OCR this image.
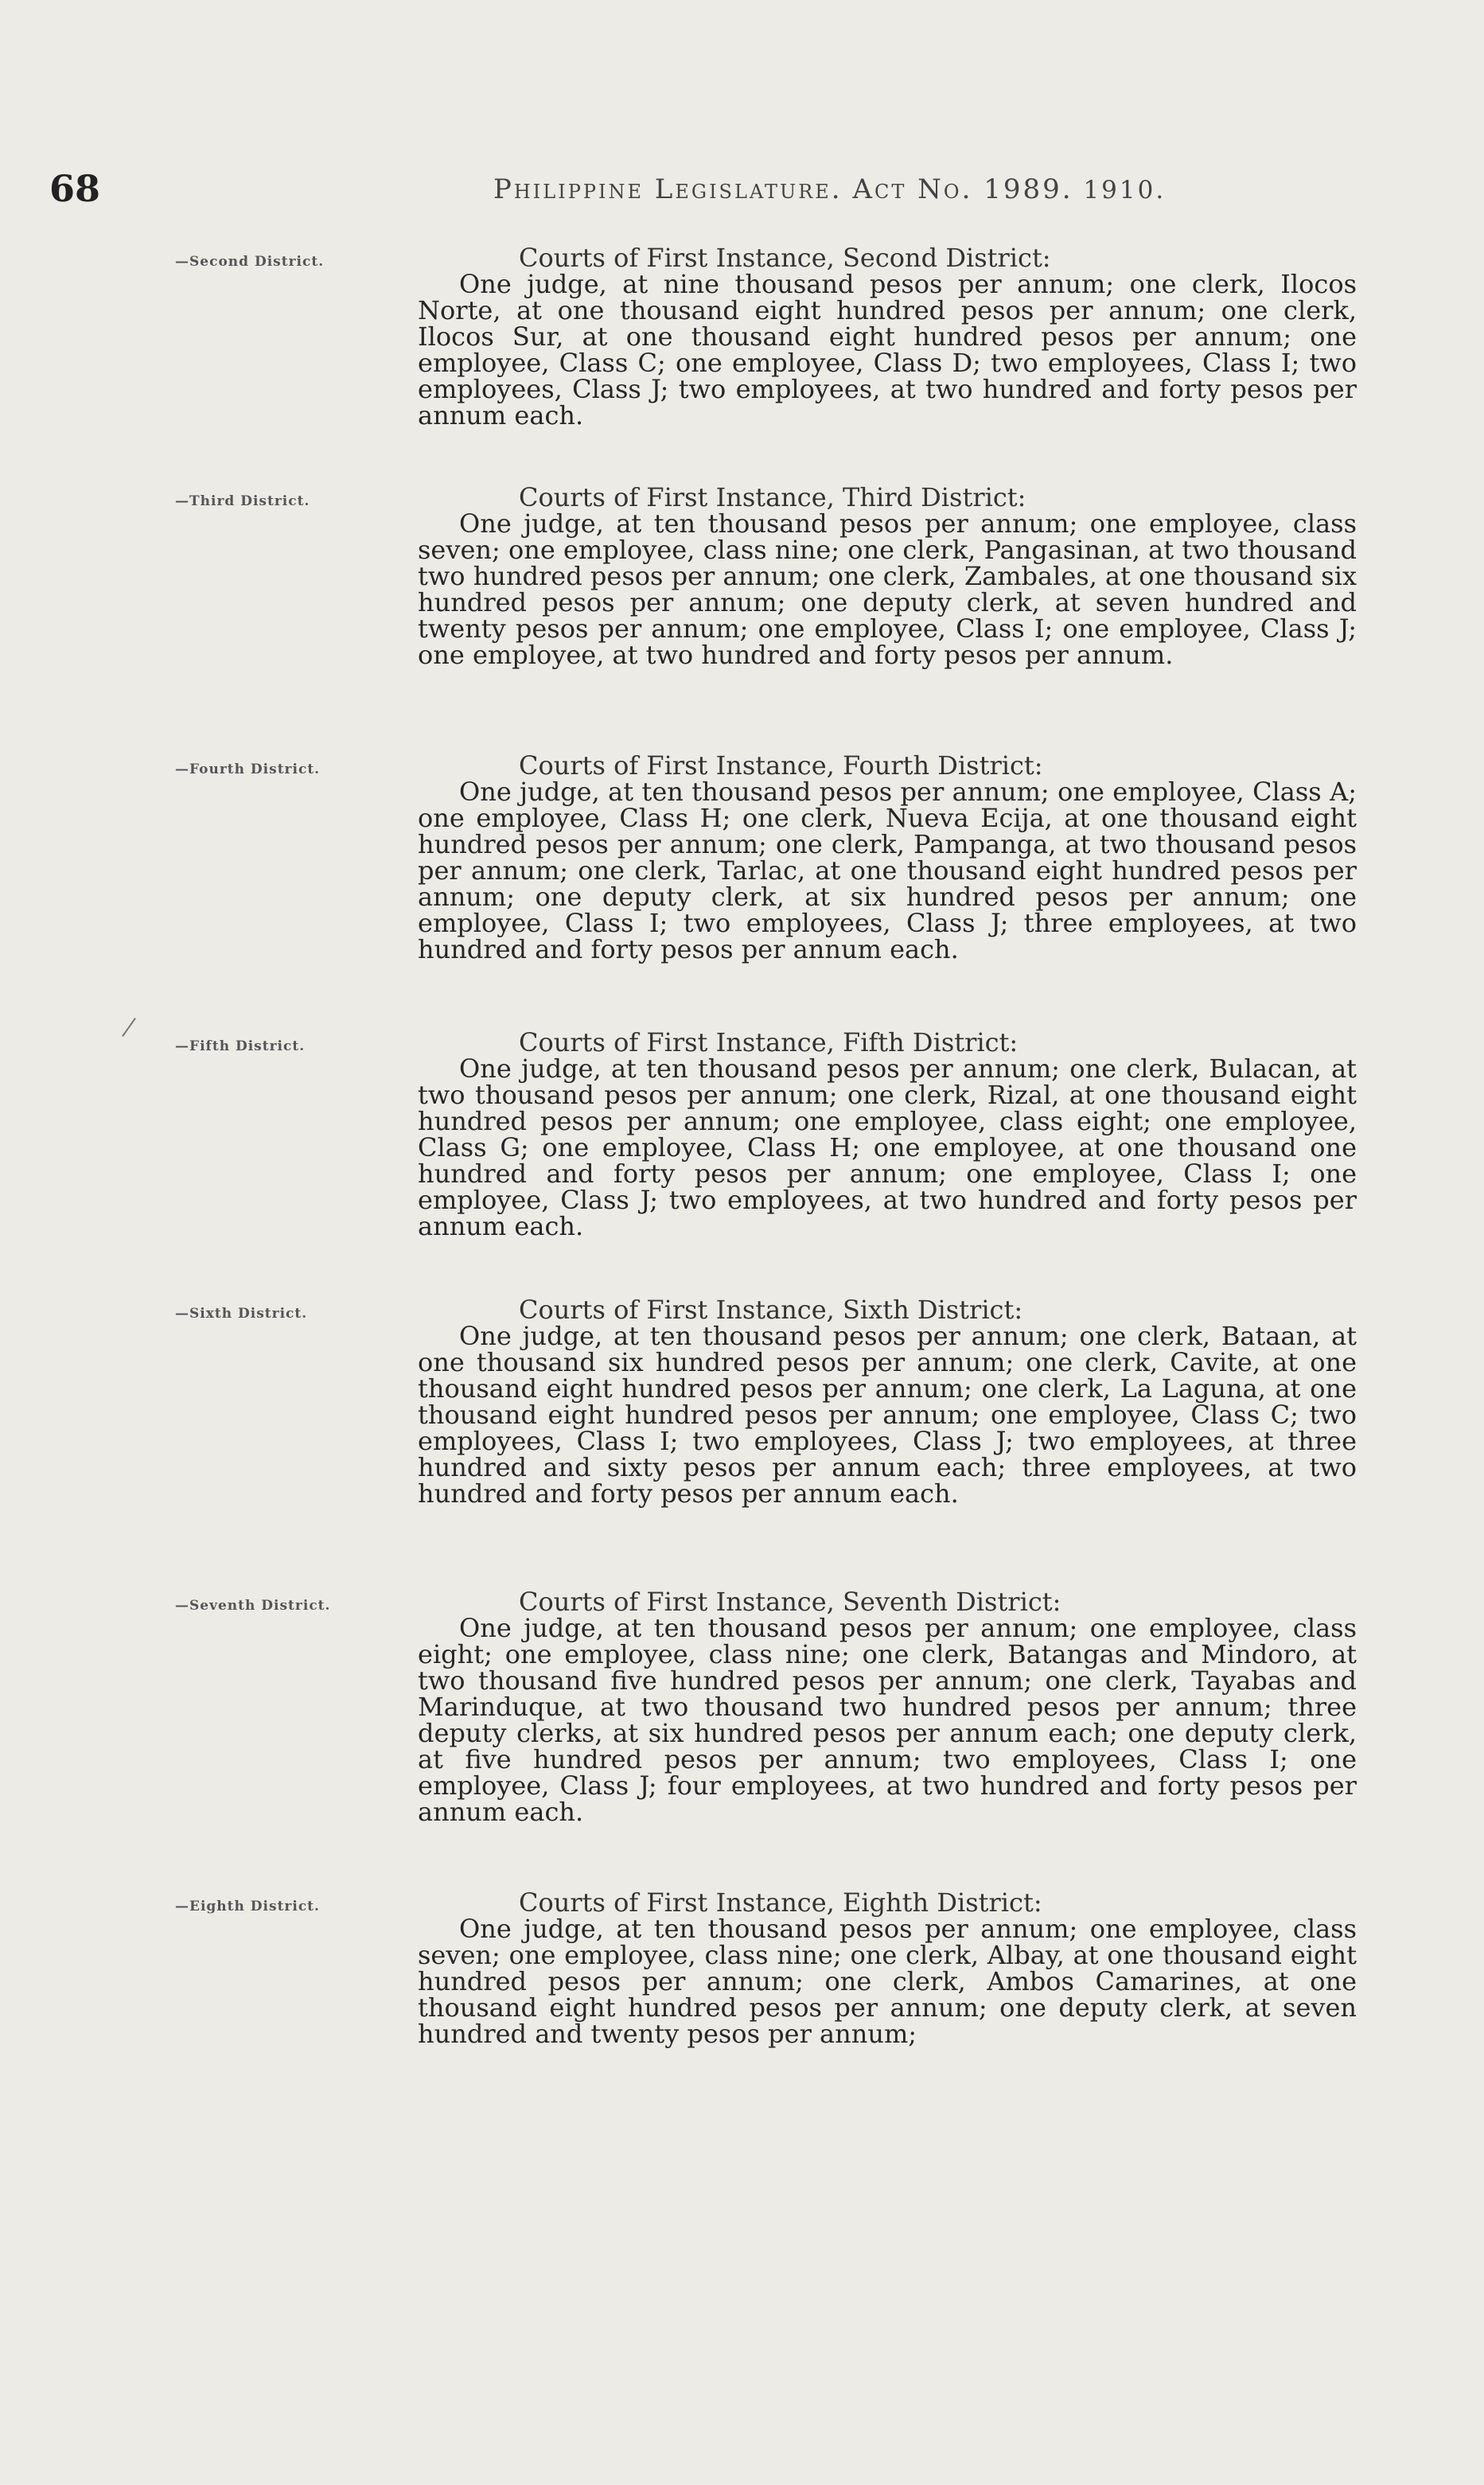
68	Philippine Legislature. Act No. 1989. 1910.
—Second District.	Courts of First Instance, Second District:

One judge, at nine thousand pesos per annum; one clerk, Ilocos Norte, at one thousand eight hundred pesos per annum; one clerk, Ilocos Sur, at one thousand eight hundred pesos per annum; one employee, Class C; one employee, Class D; two employees, Class I; two employees, Class J; two employees, at two hundred and forty pesos per annum each.

—Third District.	Courts of First Instance, Third District:

One judge, at ten thousand pesos per annum; one employee, class seven; one employee, class nine; one clerk, Pangasinan, at two thousand two hundred pesos per annum; one clerk, Zambales, at one thousand six hundred pesos per annum; one deputy clerk, at seven hundred and twenty pesos per annum; one employee, Class I; one employee, Class J; one employee, at two hundred and forty pesos per annum.

—Fourth District.	Courts of First Instance, Fourth District:

One judge, at ten thousand pesos per annum; one employee, Class A; one employee, Class H; one clerk, Nueva Ecija, at one thousand eight hundred pesos per annum; one clerk, Pampanga, at two thousand pesos per annum; one clerk, Tarlac, at one thousand eight hundred pesos per annum; one deputy clerk, at six hundred pesos per annum; one employee, Class I; two employees, Class J; three employees, at two hundred and forty pesos per annum each.

—Fifth District.	Courts of First Instance, Fifth District:

One judge, at ten thousand pesos per annum; one clerk, Bulacan, at two thousand pesos per annum; one clerk, Rizal, at one thousand eight hundred pesos per annum; one employee, class eight; one employee, Class G; one employee, Class H; one employee, at one thousand one hundred and forty pesos per annum; one employee, Class I; one employee, Class J; two employees, at two hundred and forty pesos per annum each.

—Sixth District.	Courts of First Instance, Sixth District:

One judge, at ten thousand pesos per annum; one clerk, Bataan, at one thousand six hundred pesos per annum; one clerk, Cavite, at one thousand eight hundred pesos per annum; one clerk, La Laguna, at one thousand eight hundred pesos per annum; one employee, Class C; two employees, Class I; two employees, Class J; two employees, at three hundred and sixty pesos per annum each; three employees, at two hundred and forty pesos per annum each.

—Seventh District.	Courts of First Instance, Seventh District:

One judge, at ten thousand pesos per annum; one employee, class eight; one employee, class nine; one clerk, Batangas and Mindoro, at two thousand five hundred pesos per annum; one clerk, Tayabas and Marinduque, at two thousand two hundred pesos per annum; three deputy clerks, at six hundred pesos per annum each; one deputy clerk, at five hundred pesos per annum; two employees, Class I; one employee, Class J; four employees, at two hundred and forty pesos per annum each.

—Eighth District.	Courts of First Instance, Eighth District:

One judge, at ten thousand pesos per annum; one employee, class seven; one employee, class nine; one clerk, Albay, at one thousand eight hundred pesos per annum; one clerk, Ambos Camarines, at one thousand eight hundred pesos per annum; one deputy clerk, at seven hundred and twenty pesos per annum;
